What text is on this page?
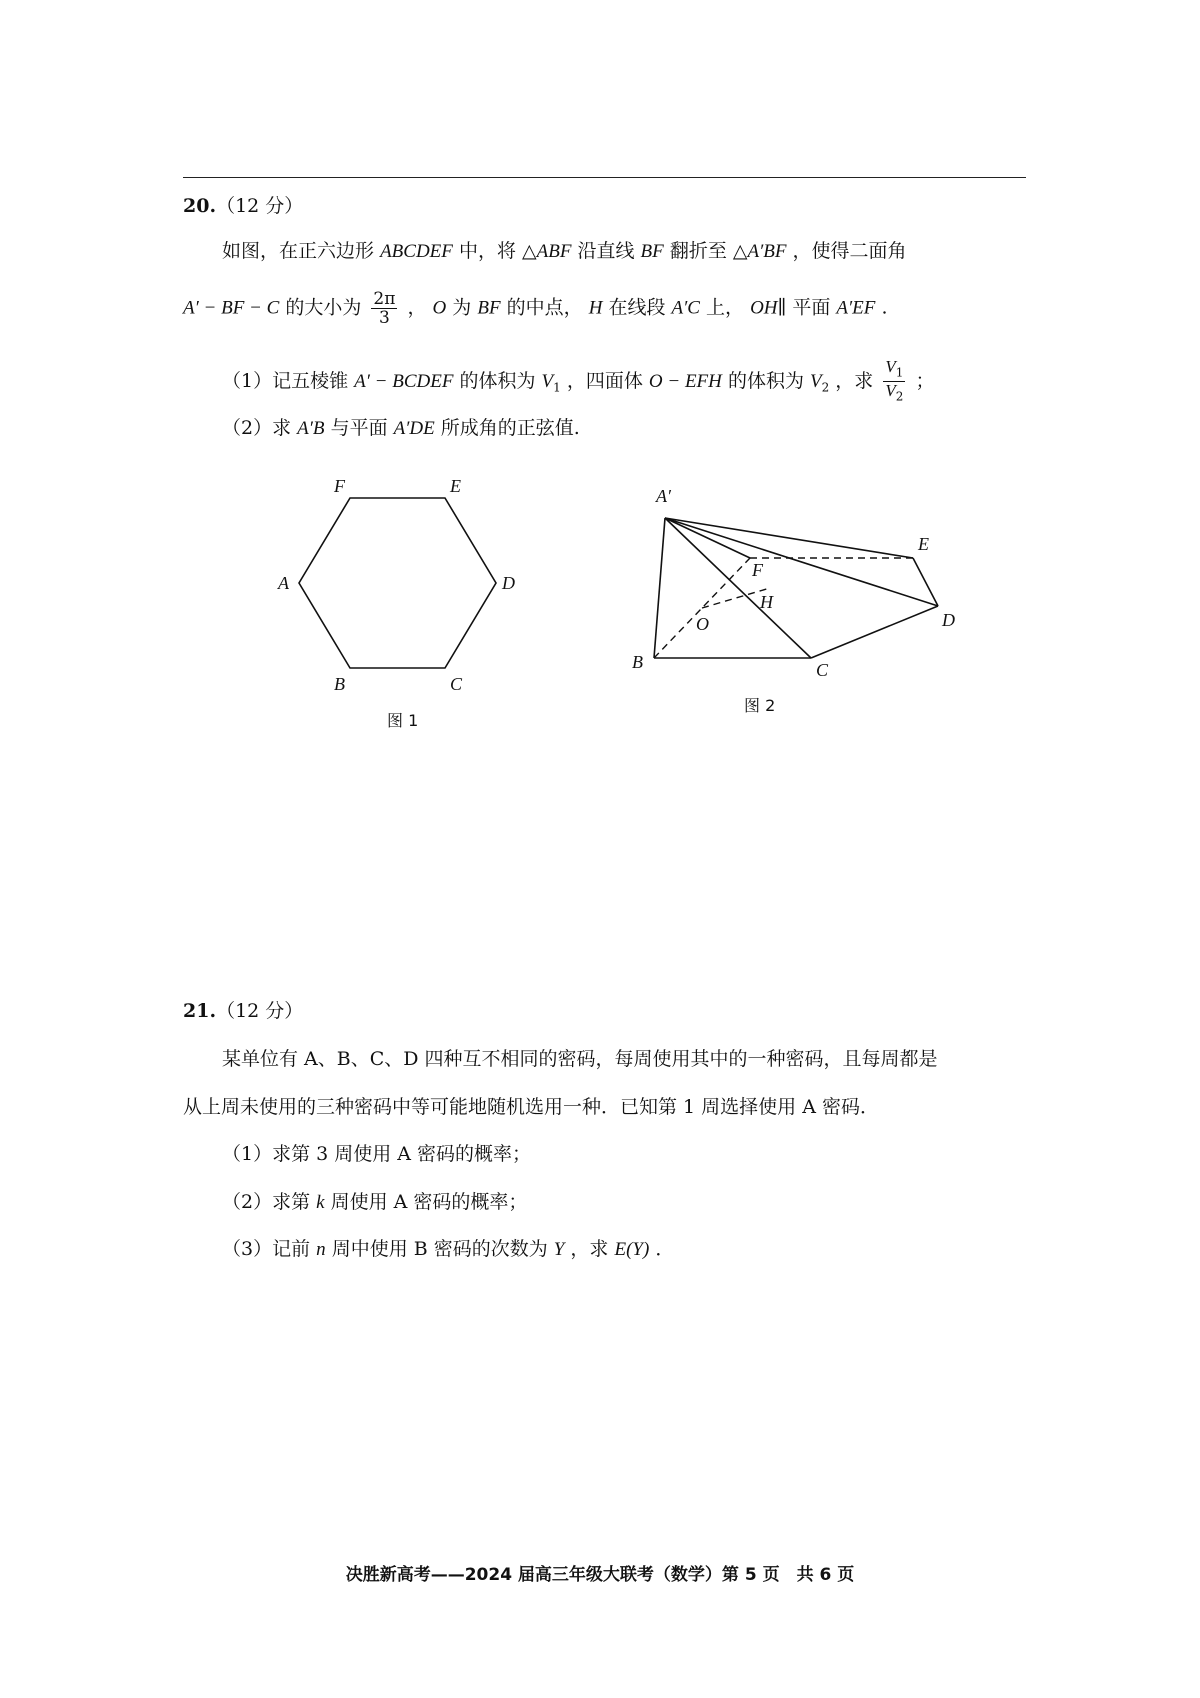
20.（12 分）
如图，在正六边形 ABCDEF 中，将 △ABF 沿直线 BF 翻折至 △A′BF ，使得二面角
A′ − BF − C 的大小为 $\frac{2\pi}{3}$ ， O 为 BF 的中点， H 在线段 A′C 上， OH∥ 平面 A′EF .
（1）记五棱锥 A′ − BCDEF 的体积为 $V_1$ ，四面体 O − EFH 的体积为 $V_2$ ，求 $\frac{V_1}{V_2}$ ；
（2）求 A′B 与平面 A′DE 所成角的正弦值.
F	E
A	D
B	C
图 1
A′
E
F
H
O	D
B	C
图 2
21.（12 分）
某单位有 A、B、C、D 四种互不相同的密码，每周使用其中的一种密码，且每周都是
从上周未使用的三种密码中等可能地随机选用一种．已知第 1 周选择使用 A 密码．
（1）求第 3 周使用 A 密码的概率；
（2）求第 k 周使用 A 密码的概率；
（3）记前 n 周中使用 B 密码的次数为 Y ，求 E(Y) ．
决胜新高考——2024 届高三年级大联考（数学）第 5 页　共 6 页
